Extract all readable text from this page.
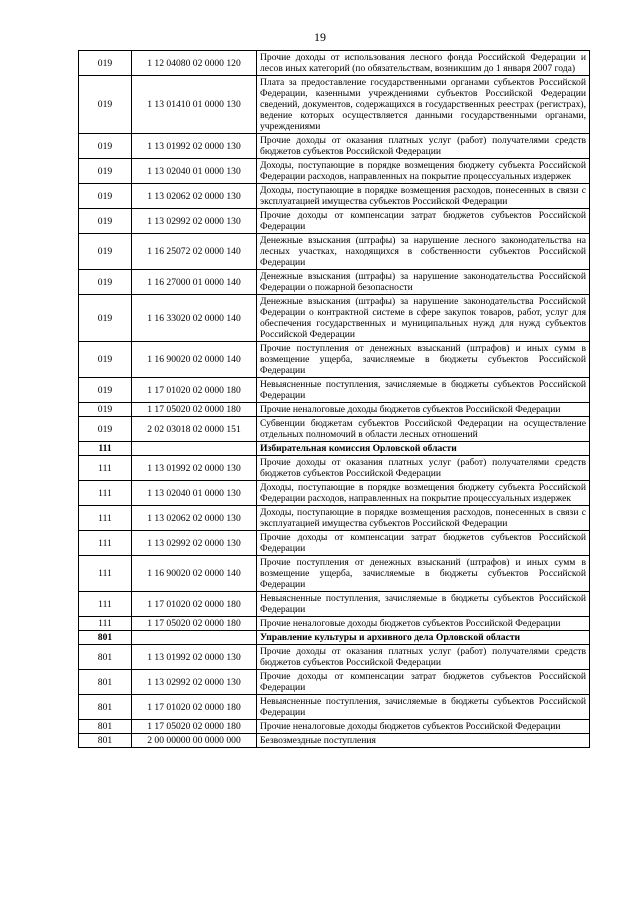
19
019	1 12 04080 02 0000 120	Прочие доходы от использования лесного фонда Российской Федерации и лесов иных категорий (по обязательствам, возникшим до 1 января 2007 года)
019	1 13 01410 01 0000 130	Плата за предоставление государственными органами субъектов Российской Федерации, казенными учреждениями субъектов Российской Федерации сведений, документов, содержащихся в государственных реестрах (регистрах), ведение которых осуществляется данными государственными органами, учреждениями
019	1 13 01992 02 0000 130	Прочие доходы от оказания платных услуг (работ) получателями средств бюджетов субъектов Российской Федерации
019	1 13 02040 01 0000 130	Доходы, поступающие в порядке возмещения бюджету субъекта Российской Федерации расходов, направленных на покрытие процессуальных издержек
019	1 13 02062 02 0000 130	Доходы, поступающие в порядке возмещения расходов, понесенных в связи с эксплуатацией имущества субъектов Российской Федерации
019	1 13 02992 02 0000 130	Прочие доходы от компенсации затрат бюджетов субъектов Российской Федерации
019	1 16 25072 02 0000 140	Денежные взыскания (штрафы) за нарушение лесного законодательства на лесных участках, находящихся в собственности субъектов Российской Федерации
019	1 16 27000 01 0000 140	Денежные взыскания (штрафы) за нарушение законодательства Российской Федерации о пожарной безопасности
019	1 16 33020 02 0000 140	Денежные взыскания (штрафы) за нарушение законодательства Российской Федерации о контрактной системе в сфере закупок товаров, работ, услуг для обеспечения государственных и муниципальных нужд для нужд субъектов Российской Федерации
019	1 16 90020 02 0000 140	Прочие поступления от денежных взысканий (штрафов) и иных сумм в возмещение ущерба, зачисляемые в бюджеты субъектов Российской Федерации
019	1 17 01020 02 0000 180	Невыясненные поступления, зачисляемые в бюджеты субъектов Российской Федерации
019	1 17 05020 02 0000 180	Прочие неналоговые доходы бюджетов субъектов Российской Федерации
019	2 02 03018 02 0000 151	Субвенции бюджетам субъектов Российской Федерации на осуществление отдельных полномочий в области лесных отношений
111		Избирательная комиссия Орловской области
111	1 13 01992 02 0000 130	Прочие доходы от оказания платных услуг (работ) получателями средств бюджетов субъектов Российской Федерации
111	1 13 02040 01 0000 130	Доходы, поступающие в порядке возмещения бюджету субъекта Российской Федерации расходов, направленных на покрытие процессуальных издержек
111	1 13 02062 02 0000 130	Доходы, поступающие в порядке возмещения расходов, понесенных в связи с эксплуатацией имущества субъектов Российской Федерации
111	1 13 02992 02 0000 130	Прочие доходы от компенсации затрат бюджетов субъектов Российской Федерации
111	1 16 90020 02 0000 140	Прочие поступления от денежных взысканий (штрафов) и иных сумм в возмещение ущерба, зачисляемые в бюджеты субъектов Российской Федерации
111	1 17 01020 02 0000 180	Невыясненные поступления, зачисляемые в бюджеты субъектов Российской Федерации
111	1 17 05020 02 0000 180	Прочие неналоговые доходы бюджетов субъектов Российской Федерации
801		Управление культуры и архивного дела Орловской области
801	1 13 01992 02 0000 130	Прочие доходы от оказания платных услуг (работ) получателями средств бюджетов субъектов Российской Федерации
801	1 13 02992 02 0000 130	Прочие доходы от компенсации затрат бюджетов субъектов Российской Федерации
801	1 17 01020 02 0000 180	Невыясненные поступления, зачисляемые в бюджеты субъектов Российской Федерации
801	1 17 05020 02 0000 180	Прочие неналоговые доходы бюджетов субъектов Российской Федерации
801	2 00 00000 00 0000 000	Безвозмездные поступления
